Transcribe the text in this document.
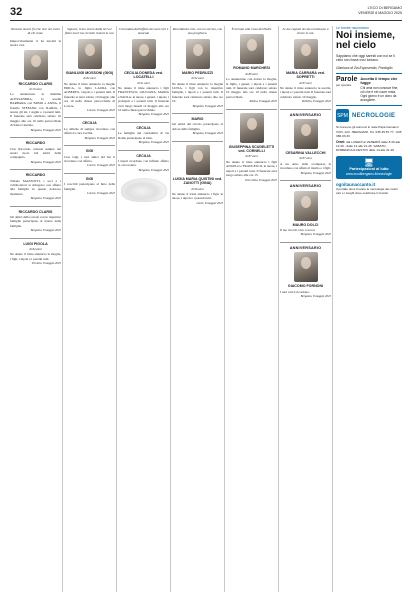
32	L'ECO DI BERGAMO
VENERDÌ 8 MAGGIO 2025
Nessuno muore fin che vive nel cuore di chi resta.
Improvvisamente ci ha lasciati la nostra cara
RICCARDO CLARIS
di 29 anni
Lo annunciano la mamma ALESSANDRA, la sorella BARBARA con FABIO e ANNA, il fratello STEFANO con ILARIA, i nonni, gli zii, i cugini e i parenti tutti. Il funerale sarà celebrato sabato 10 maggio alle ore 10 nella parrocchiale di Santa Caterina.
Bergamo, 8 maggio 2025
RICCARDO
Ciao Riccardo, resterai sempre nei nostri cuori. Gli amici della compagnia.
Bergamo, 8 maggio 2025
RICCARDO
Tiziano MAZZOTTI, i soci e i collaboratori si stringono con affetto alla famiglia in questo doloroso momento.
Bergamo, 8 maggio 2025
RICCARDO CLARIS
Gli amici della scuola con le rispettive famiglie partecipano al dolore della famiglia.
Bergamo, 8 maggio 2025
LUIGI PIGOLA
di 84 anni
Ne danno il triste annuncio la moglie, i figli, i nipoti e i parenti tutti.
Treviolo, 8 maggio 2025
Signore, il tuo vivere dalla terra è finito ma il tuo ricordo resterà in noi.
GIANLUIGI MOSSONI (GIGI)
di 82 anni
Ne danno il triste annuncio la moglie ERICA, la figlia LAURA con ALBERTO, i nipoti e i parenti tutti. Il funerale si terrà sabato 10 maggio alle ore 10 nella chiesa parrocchiale di Lovere.
Lovere, 8 maggio 2025
CECILIA
Le amiche di sempre ricordano con affetto la cara Cecilia.
Bergamo, 8 maggio 2025
GIGI
Ciao Gigi, i tuoi amici del bar ti ricordano con affetto.
Lovere, 8 maggio 2025
GIGI
I coscritti partecipano al lutto della famiglia.
Lovere, 8 maggio 2025
Circondata dall'affetto dei suoi cari è mancata
CECILIA DONEDA ved. LOCATELLI
di 91 anni
Ne danno il triste annuncio i figli FRANCESCO, GIULIANA, MARIA e PAOLA, le nuore, i generi, i nipoti, i pronipoti e i parenti tutti. Il funerale avrà luogo lunedì 12 maggio alle ore 10 nella chiesa parrocchiale.
Bergamo, 8 maggio 2025
CECILIA
Le famiglie dei condomini di via Roma partecipano al lutto.
Bergamo, 8 maggio 2025
CECILIA
I nipoti ricordano con infinito affetto la cara nonna.
Bergamo, 8 maggio 2025
Ricordatemi così, con un sorriso, con una preghiera.
MARIO PEDRUZZI
di 92 anni
Ne danno il triste annuncio la moglie LUISA, i figli con le rispettive famiglie, i nipoti e i parenti tutti. Il funerale sarà celebrato sabato alle ore 10.
Bergamo, 8 maggio 2025
MARIO
Gli amici del circolo partecipano al dolore della famiglia.
Bergamo, 8 maggio 2025
LUIGIA MARIA QUISTINI ved. ZANOTTI (GINA)
di 96 anni
Ne danno il triste annuncio i figli, le nuore, i nipoti e i parenti tutti.
Gorle, 8 maggio 2025
È tornato alla Casa del Padre
ROMANO MARCHESI
di 89 anni
Lo annunciano con dolore la moglie, le figlie, i generi, i nipoti e i parenti tutti. Il funerale sarà celebrato sabato 10 maggio alle ore 10 nella chiesa parrocchiale.
Albino, 8 maggio 2025
GIUSEPPINA SCUDELETTI ved. CORNELLI
di 87 anni
Ne danno il triste annuncio i figli ANGELO e FRANCESCO, le nuore, i nipoti e i parenti tutti. Il funerale avrà luogo sabato alle ore 15.
Osio Sotto, 8 maggio 2025
Le tue ragioni di vita continuano a vivere in noi.
MARIA CARRARA ved. SOPRETTI
di 87 anni
Ne danno il triste annuncio le sorelle, i nipoti e i parenti tutti. Il funerale sarà celebrato sabato 10 maggio.
Verdello, 8 maggio 2025
ANNIVERSARIO
CESARINA VALLECCHI
di 87 anni
A un anno dalla scomparsa la ricordano con affetto il marito e i figli.
Bergamo, 8 maggio 2025
ANNIVERSARIO
MAURO DOLCI
Il tuo ricordo vive con noi.
Bergamo, 8 maggio 2025
ANNIVERSARIO
GIACOMO FORNONI
I tuoi cari ti ricordano.
Bergamo, 8 maggio 2025
Le tombe raccontano
Noi insieme, nel cielo
Sappiamo che oggi saresti con noi se il cielo non fosse così lontano.
Gianluca di Zia Esposendo, Pontoglio
Parole
per sperare
Accetta il tempo che fugge
Chi ama non conosce fine, ciò che è nel cuore resta. Ogni giorno è un dono da accogliere.
SPM NECROLOGIE
Si ricevono gli annunci in viale Papa Giovanni XXIII, 124 - BERGAMO. Tel. 035 35.87.77 - 035 386.03.33
Orari: dal LUNEDÌ al VENERDÌ dalle 8.30 alle 12.30 - dalle 14 alle 21.45. SABATO, DOMENICA E FESTIVI dalle 14 alle 21.45
🖥
Partecipazioni al lutto
www.ecodibergamo.it/necrologie
ognitaunaccanto.it
Il portale dove trovare le necrologie dei nostri cari e i luoghi dove celebrare il ricordo.
